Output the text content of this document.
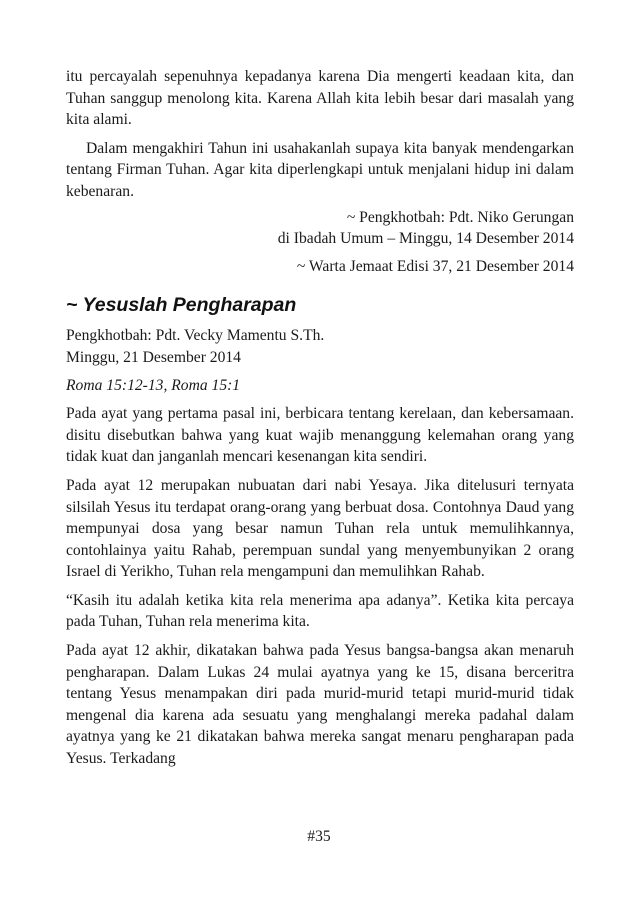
itu percayalah sepenuhnya kepadanya karena Dia mengerti keadaan kita, dan Tuhan sanggup menolong kita. Karena Allah kita lebih besar dari masalah yang kita alami.

Dalam mengakhiri Tahun ini usahakanlah supaya kita banyak mendengarkan tentang Firman Tuhan. Agar kita diperlengkapi untuk menjalani hidup ini dalam kebenaran.

~ Pengkhotbah: Pdt. Niko Gerungan
di Ibadah Umum – Minggu, 14 Desember 2014
~ Warta Jemaat Edisi 37, 21 Desember 2014
~ Yesuslah Pengharapan
Pengkhotbah: Pdt. Vecky Mamentu S.Th.
Minggu, 21 Desember 2014
Roma 15:12-13, Roma 15:1

Pada ayat yang pertama pasal ini, berbicara tentang kerelaan, dan kebersamaan. disitu disebutkan bahwa yang kuat wajib menanggung kelemahan orang yang tidak kuat dan janganlah mencari kesenangan kita sendiri.

Pada ayat 12 merupakan nubuatan dari nabi Yesaya. Jika ditelusuri ternyata silsilah Yesus itu terdapat orang-orang yang berbuat dosa. Contohnya Daud yang mempunyai dosa yang besar namun Tuhan rela untuk memulihkannya, contohlainya yaitu Rahab, perempuan sundal yang menyembunyikan 2 orang Israel di Yerikho, Tuhan rela mengampuni dan memulihkan Rahab.

“Kasih itu adalah ketika kita rela menerima apa adanya”. Ketika kita percaya pada Tuhan, Tuhan rela menerima kita.

Pada ayat 12 akhir, dikatakan bahwa pada Yesus bangsa-bangsa akan menaruh pengharapan. Dalam Lukas 24 mulai ayatnya yang ke 15, disana berceritra tentang Yesus menampakan diri pada murid-murid tetapi murid-murid tidak mengenal dia karena ada sesuatu yang menghalangi mereka padahal dalam ayatnya yang ke 21 dikatakan bahwa mereka sangat menaru pengharapan pada Yesus. Terkadang

#35
